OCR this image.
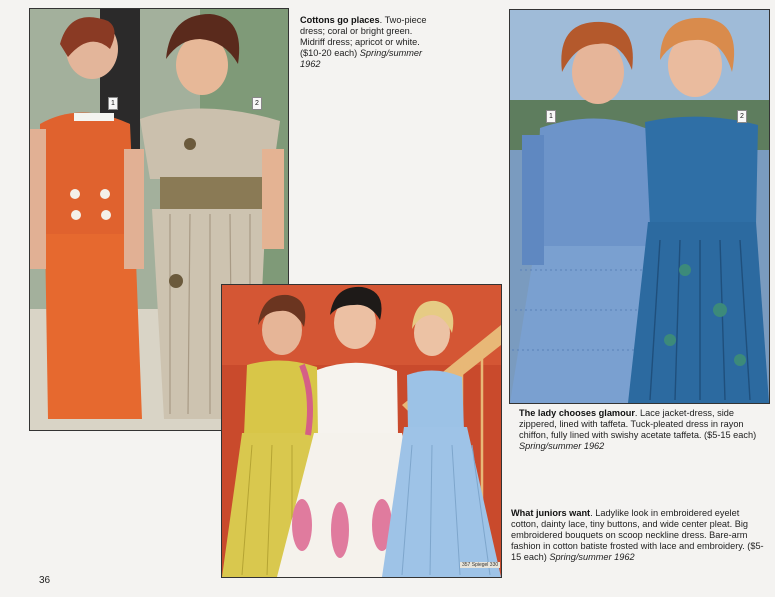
1	2
Cottons go places. Two-piece dress; coral or bright green. Midriff dress; apricot or white. ($10-20 each) Spring/summer 1962
1	2
The lady chooses glamour. Lace jacket-dress, side zippered, lined with taffeta. Tuck-pleated dress in rayon chiffon, fully lined with swishy acetate taffeta. ($5-15 each) Spring/summer 1962
357 Spiegel 330
What juniors want. Ladylike look in embroidered eyelet cotton, dainty lace, tiny buttons, and wide center pleat. Big embroidered bouquets on scoop neckline dress. Bare-arm fashion in cotton batiste frosted with lace and embroidery. ($5-15 each) Spring/summer 1962
36
